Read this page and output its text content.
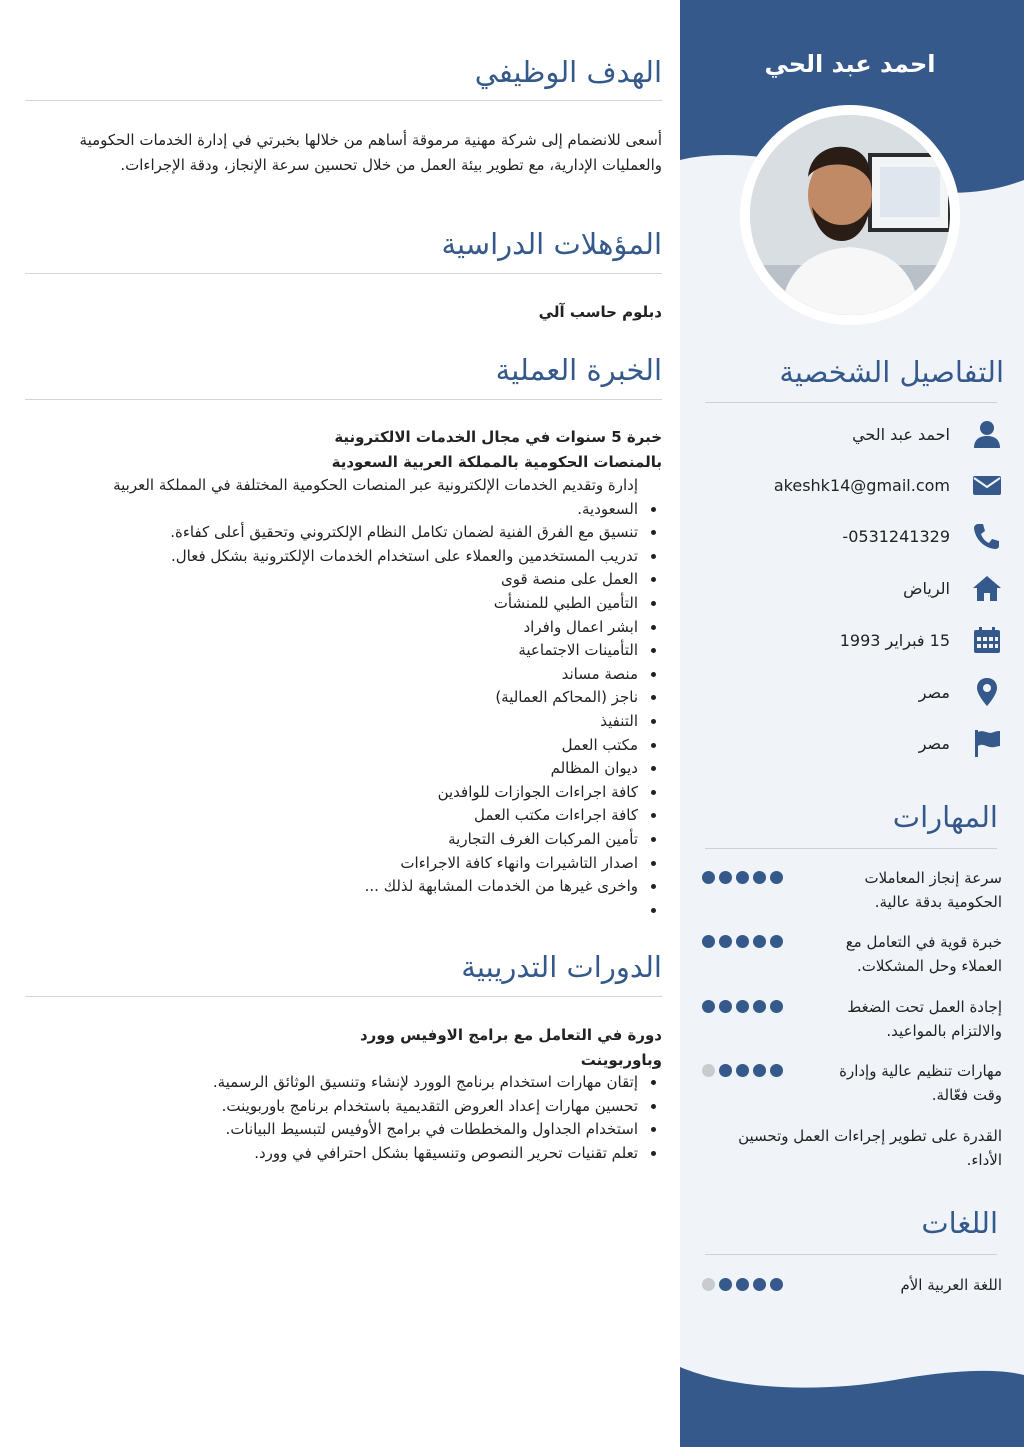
احمد عبد الحي
التفاصيل الشخصية
احمد عبد الحي
akeshk14@gmail.com
0531241329-
الرياض
15 فبراير 1993
مصر
مصر
المهارات
سرعة إنجاز المعاملات
الحكومية بدقة عالية.
خبرة قوية في التعامل مع
العملاء وحل المشكلات.
إجادة العمل تحت الضغط
والالتزام بالمواعيد.
مهارات تنظيم عالية وإدارة
وقت فعّالة.
القدرة على تطوير إجراءات العمل وتحسين
الأداء.
اللغات
اللغة العربية الأم
الهدف الوظيفي
أسعى للانضمام إلى شركة مهنية مرموقة أساهم من خلالها بخبرتي في إدارة الخدمات الحكومية
والعمليات الإدارية، مع تطوير بيئة العمل من خلال تحسين سرعة الإنجاز، ودقة الإجراءات.
المؤهلات الدراسية
دبلوم حاسب آلي
الخبرة العملية
خبرة 5 سنوات في مجال الخدمات الالكترونية
بالمنصات الحكومية بالمملكة العربية السعودية
• إدارة وتقديم الخدمات الإلكترونية عبر المنصات الحكومية المختلفة في المملكة العربية السعودية.
• تنسيق مع الفرق الفنية لضمان تكامل النظام الإلكتروني وتحقيق أعلى كفاءة.
• تدريب المستخدمين والعملاء على استخدام الخدمات الإلكترونية بشكل فعال.
• العمل على منصة قوى
• التأمين الطبي للمنشأت
• ابشر اعمال وافراد
• التأمينات الاجتماعية
• منصة مساند
• ناجز (المحاكم العمالية)
• التنفيذ
• مكتب العمل
• ديوان المظالم
• كافة اجراءات الجوازات للوافدين
• كافة اجراءات مكتب العمل
• تأمين المركبات الغرف التجارية
• اصدار التاشيرات وانهاء كافة الاجراءات
• واخرى غيرها من الخدمات المشابهة لذلك ...
•
الدورات التدريبية
دورة في التعامل مع برامج الاوفيس وورد
وباوربوينت
• إتقان مهارات استخدام برنامج الوورد لإنشاء وتنسيق الوثائق الرسمية.
• تحسين مهارات إعداد العروض التقديمية باستخدام برنامج باوربوينت.
• استخدام الجداول والمخططات في برامج الأوفيس لتبسيط البيانات.
• تعلم تقنيات تحرير النصوص وتنسيقها بشكل احترافي في وورد.
